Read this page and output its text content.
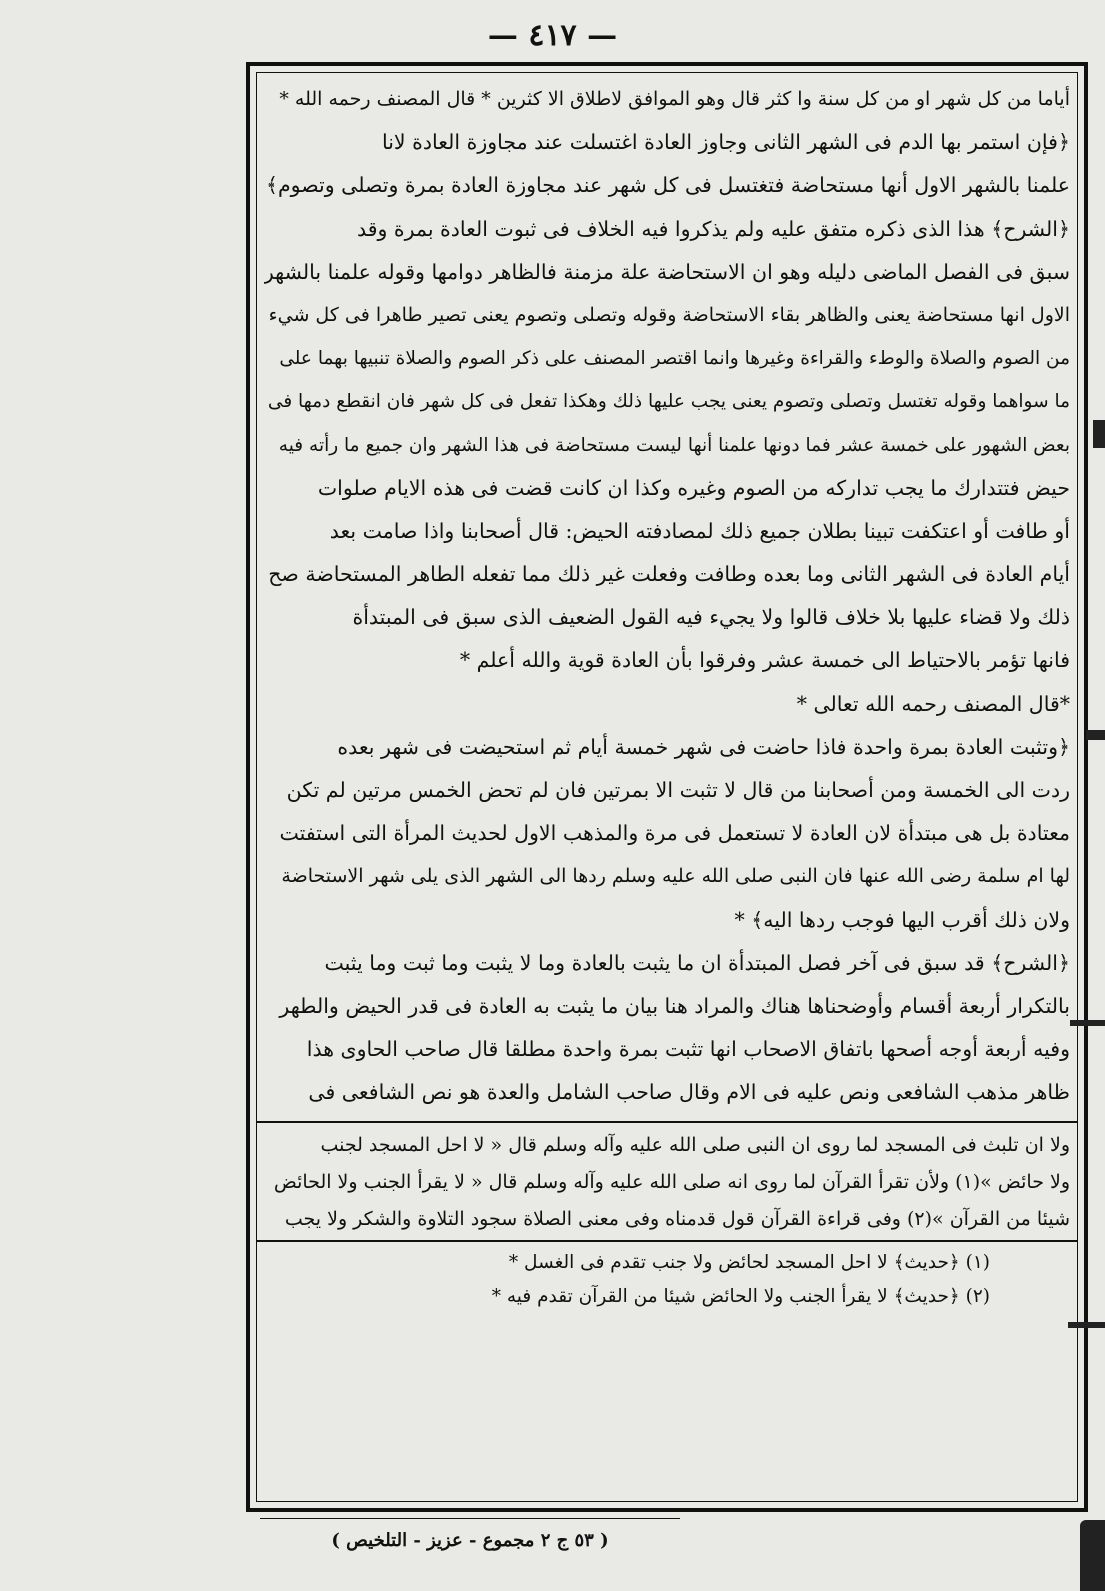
— ٤١٧ —
أياما من كل شهر او من كل سنة وا كثر قال وهو الموافق لاطلاق الا كثرين * قال المصنف رحمه الله *
﴿فإن استمر بها الدم فى الشهر الثانى وجاوز العادة اغتسلت عند مجاوزة العادة لانا
علمنا بالشهر الاول أنها مستحاضة فتغتسل فى كل شهر عند مجاوزة العادة بمرة وتصلى وتصوم﴾
﴿الشرح﴾ هذا الذى ذكره متفق عليه ولم يذكروا فيه الخلاف فى ثبوت العادة بمرة وقد
سبق فى الفصل الماضى دليله وهو ان الاستحاضة علة مزمنة فالظاهر دوامها وقوله علمنا بالشهر
الاول انها مستحاضة يعنى والظاهر بقاء الاستحاضة وقوله وتصلى وتصوم يعنى تصير طاهرا فى كل شيء
من الصوم والصلاة والوطء والقراءة وغيرها وانما اقتصر المصنف على ذكر الصوم والصلاة تنبيها بهما على
ما سواهما وقوله تغتسل وتصلى وتصوم يعنى يجب عليها ذلك وهكذا تفعل فى كل شهر فان انقطع دمها فى
بعض الشهور على خمسة عشر فما دونها علمنا أنها ليست مستحاضة فى هذا الشهر وان جميع ما رأته فيه
حيض فتتدارك ما يجب تداركه من الصوم وغيره وكذا ان كانت قضت فى هذه الايام صلوات
أو طافت أو اعتكفت تبينا بطلان جميع ذلك لمصادفته الحيض: قال أصحابنا واذا صامت بعد
أيام العادة فى الشهر الثانى وما بعده وطافت وفعلت غير ذلك مما تفعله الطاهر المستحاضة صح
ذلك ولا قضاء عليها بلا خلاف قالوا ولا يجيء فيه القول الضعيف الذى سبق فى المبتدأة
فانها تؤمر بالاحتياط الى خمسة عشر وفرقوا بأن العادة قوية والله أعلم *
*قال المصنف رحمه الله تعالى *
﴿وتثبت العادة بمرة واحدة فاذا حاضت فى شهر خمسة أيام ثم استحيضت فى شهر بعده
ردت الى الخمسة ومن أصحابنا من قال لا تثبت الا بمرتين فان لم تحض الخمس مرتين لم تكن
معتادة بل هى مبتدأة لان العادة لا تستعمل فى مرة والمذهب الاول لحديث المرأة التى استفتت
لها ام سلمة رضى الله عنها فان النبى صلى الله عليه وسلم ردها الى الشهر الذى يلى شهر الاستحاضة
ولان ذلك أقرب اليها فوجب ردها اليه﴾ *
﴿الشرح﴾ قد سبق فى آخر فصل المبتدأة ان ما يثبت بالعادة وما لا يثبت وما ثبت وما يثبت
بالتكرار أربعة أقسام وأوضحناها هناك والمراد هنا بيان ما يثبت به العادة فى قدر الحيض والطهر
وفيه أربعة أوجه أصحها باتفاق الاصحاب انها تثبت بمرة واحدة مطلقا قال صاحب الحاوى هذا
ظاهر مذهب الشافعى ونص عليه فى الام وقال صاحب الشامل والعدة هو نص الشافعى فى
ولا ان تلبث فى المسجد لما روى ان النبى صلى الله عليه وآله وسلم قال « لا احل المسجد لجنب
ولا حائض »(١) ولأن تقرأ القرآن لما روى انه صلى الله عليه وآله وسلم قال « لا يقرأ الجنب ولا الحائض
شيئا من القرآن »(٢) وفى قراءة القرآن قول قدمناه وفى معنى الصلاة سجود التلاوة والشكر ولا يجب
(١) ﴿حديث﴾ لا احل المسجد لحائض ولا جنب تقدم فى الغسل *
(٢) ﴿حديث﴾ لا يقرأ الجنب ولا الحائض شيئا من القرآن تقدم فيه *
( ٥٣ ج ٢ مجموع - عزيز - التلخيص )
